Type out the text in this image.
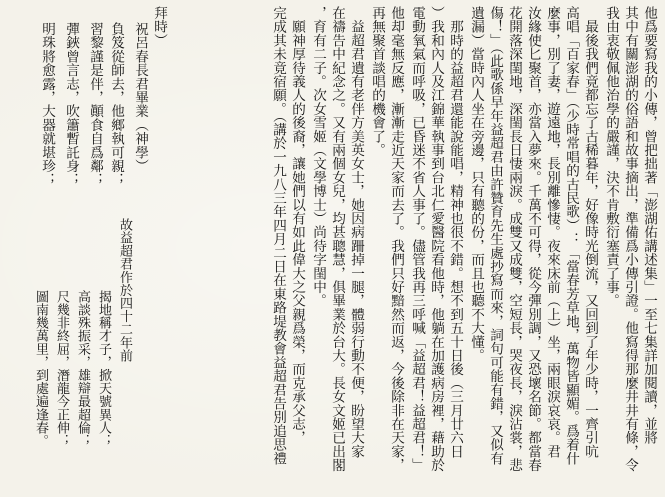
他爲要寫我的小傳，曾把拙著「澎湖佑講述集」一至七集詳加閱讀，並將
其中有關澎湖的俗語和故事摘出，準備爲小傳引證。他寫得那麼井井有條，令
我由衷敬佩他治學的嚴謹，決不肯敷衍塞責了事。
　最後我們竟都忘了古稀暮年，好像時光倒流，又回到了年少時，一齊引吭
高唱「百家春」（少時常唱的古民歌）：「當春芳草地，萬物皆顯媚。爲着什
麼事，別了妻，遊遠地，長別離慘悽。夜來床前（上）坐，兩眼淚哀哀。君
汝緣使匕聚首，亦當入夢來。千萬不可得，從今彈別調，又恐壞名節。都當春
花開落深閨地，深閨長日悽兩淚。成雙又成雙，空短長，哭夜長，淚沾裳，悲
傷！」（此歌係早年益超君由許贊育先生處抄寫而來，詞句可能有錯，又似有
遺漏）當時內人坐在旁邊，只有聽的份，而且也聽不大懂。
　那時的益超君還能說能唱，精神也很不錯。想不到五十日後（三月廿六日
）我和內人及江錦華執事到台北仁愛醫院看他時，他躺在加護病房裡，藉助於
電動氧氣而呼吸，已昏迷不省人事了。儘管我再三呼喊「益超君！益超君！」
他却毫無反應，漸漸走近天家而去了。我們只好黯然而返，今後除非在天家，
再無聚首談唱的機會了。
　益超君遺有老伴方美英女士，她因病跚掉一腿，體弱行動不便，盼望大家
在禱告中紀念之。又有兩個女兒，均甚聰慧，俱畢業於台大。長女文姬已出閣
，育有二子。次女雪姬（文學博士）尚待字閨中。
　願神厚待義人的後裔，讓她們以有如此偉大之父親爲榮，而克承父志，
完成其未竟宿願。（講於一九八三年四月二日在東路堤教會益超君告別追思禮
拜時）
祝呂春長君畢業（神學）
負笈從師去，他鄉執可親；
習黎謹是伴，顚食自爲鄰；
彈鋏曾言志，吹簫暫託身；
明珠將愈露，大器就堪珍；
故益超君作於四十二年前
揭地稱才子，掀天號異人；
高談殊振采，雄辯最超倫；
尺幾非終屈，潛龍今正伸；
圖南幾萬里，到處遍逢春。
